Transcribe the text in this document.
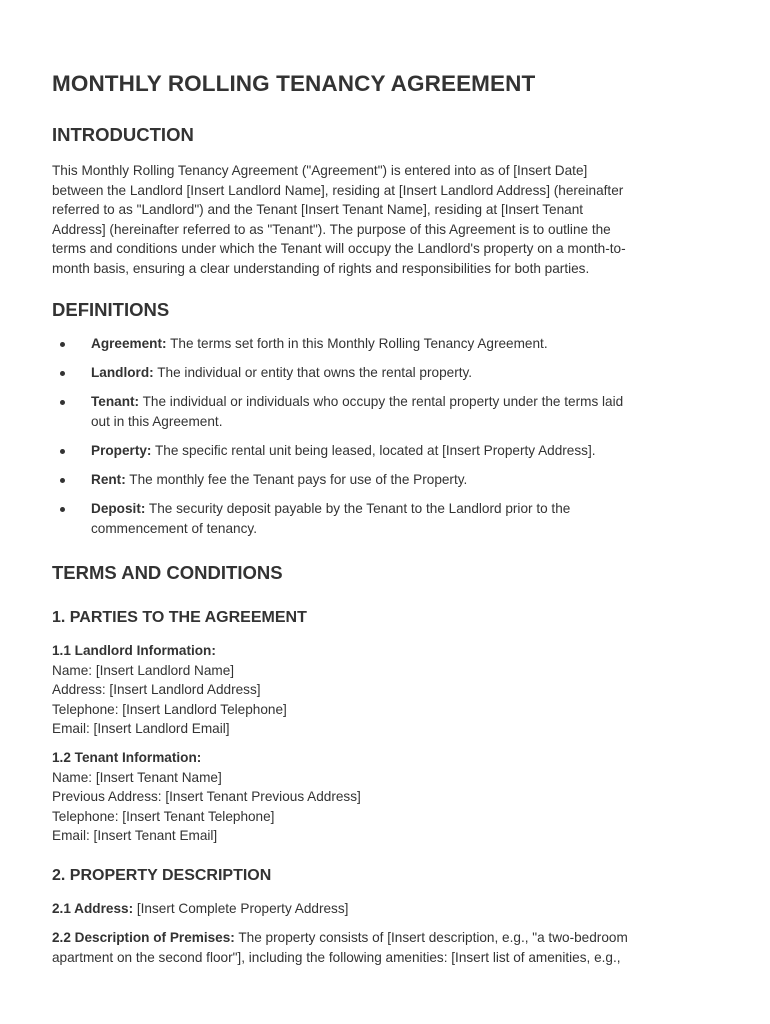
MONTHLY ROLLING TENANCY AGREEMENT
INTRODUCTION
This Monthly Rolling Tenancy Agreement ("Agreement") is entered into as of [Insert Date]
between the Landlord [Insert Landlord Name], residing at [Insert Landlord Address] (hereinafter
referred to as "Landlord") and the Tenant [Insert Tenant Name], residing at [Insert Tenant
Address] (hereinafter referred to as "Tenant"). The purpose of this Agreement is to outline the
terms and conditions under which the Tenant will occupy the Landlord's property on a month-to-
month basis, ensuring a clear understanding of rights and responsibilities for both parties.
DEFINITIONS
Agreement: The terms set forth in this Monthly Rolling Tenancy Agreement.
Landlord: The individual or entity that owns the rental property.
Tenant: The individual or individuals who occupy the rental property under the terms laid
out in this Agreement.
Property: The specific rental unit being leased, located at [Insert Property Address].
Rent: The monthly fee the Tenant pays for use of the Property.
Deposit: The security deposit payable by the Tenant to the Landlord prior to the
commencement of tenancy.
TERMS AND CONDITIONS
1. PARTIES TO THE AGREEMENT
1.1 Landlord Information:
Name: [Insert Landlord Name]
Address: [Insert Landlord Address]
Telephone: [Insert Landlord Telephone]
Email: [Insert Landlord Email]
1.2 Tenant Information:
Name: [Insert Tenant Name]
Previous Address: [Insert Tenant Previous Address]
Telephone: [Insert Tenant Telephone]
Email: [Insert Tenant Email]
2. PROPERTY DESCRIPTION
2.1 Address: [Insert Complete Property Address]
2.2 Description of Premises: The property consists of [Insert description, e.g., "a two-bedroom
apartment on the second floor"], including the following amenities: [Insert list of amenities, e.g.,
